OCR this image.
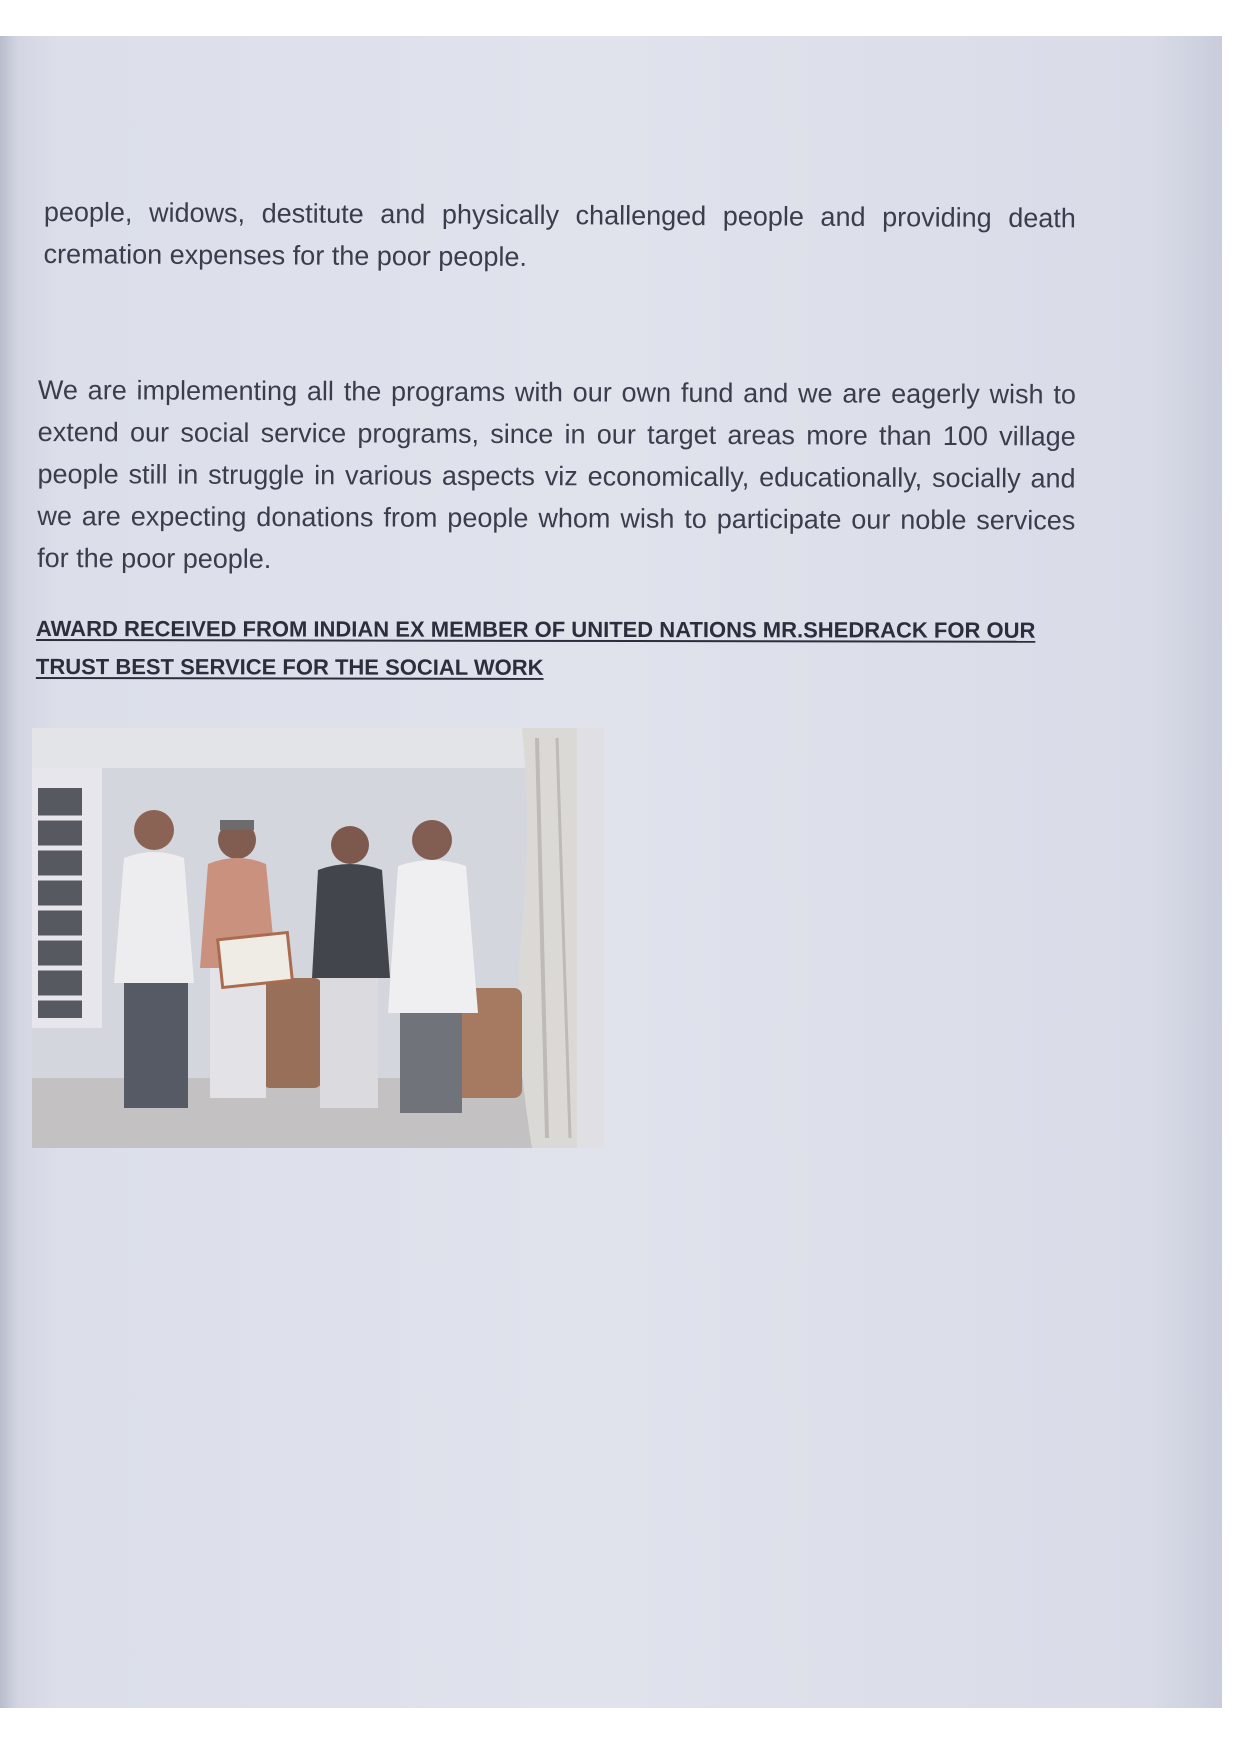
people, widows, destitute and physically challenged people and providing death cremation expenses for the poor people.

We are implementing all the programs with our own fund and we are eagerly wish to extend our social service programs, since in our target areas more than 100 village people still in struggle in various aspects viz economically, educationally, socially and we are expecting donations from people whom wish to participate our noble services for the poor people.

AWARD RECEIVED FROM INDIAN EX MEMBER OF UNITED NATIONS MR.SHEDRACK FOR OUR TRUST BEST SERVICE FOR THE SOCIAL WORK
